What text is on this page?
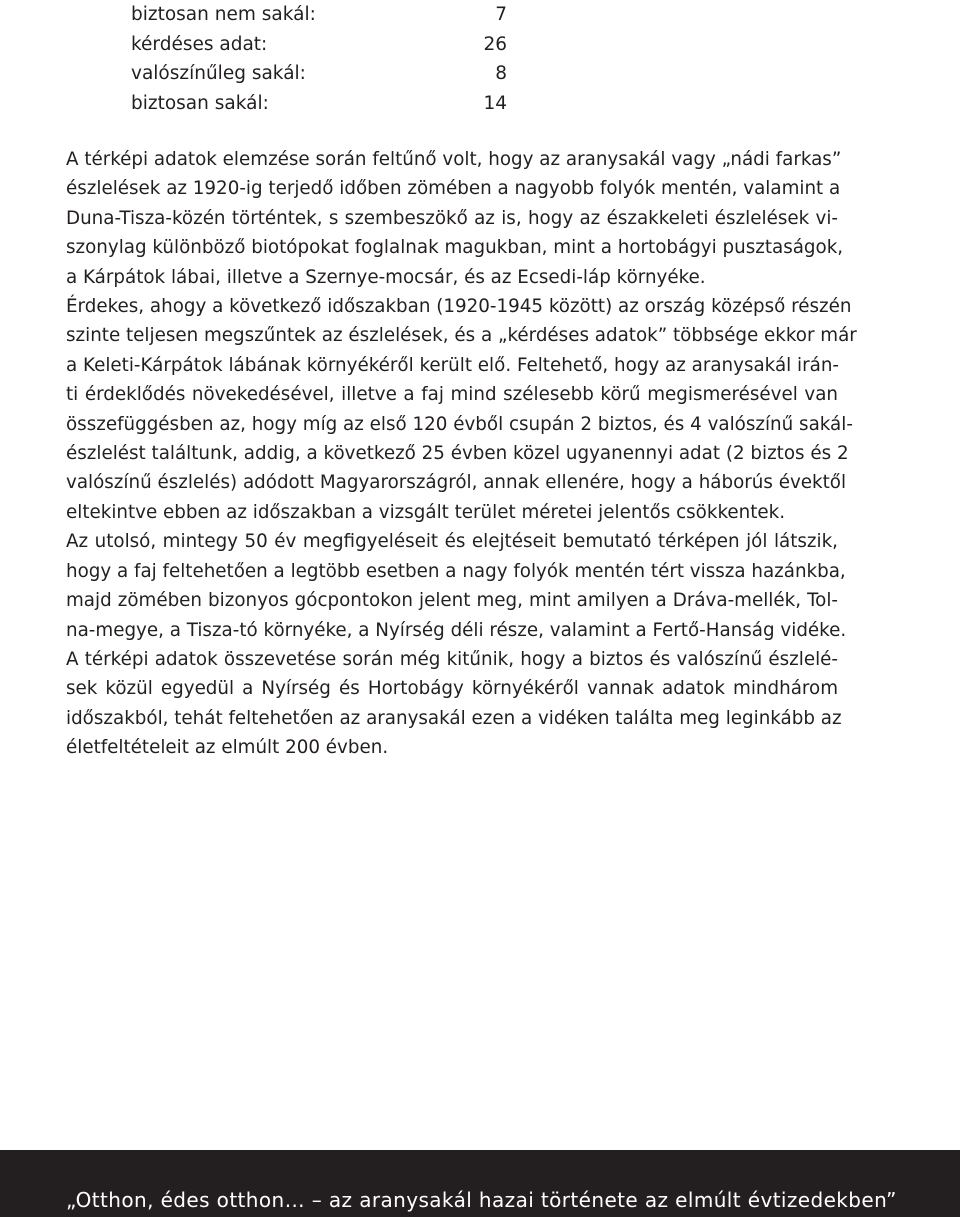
biztosan nem sakál:	7
kérdéses adat:	26
valószínűleg sakál:	8
biztosan sakál:	14

A térképi adatok elemzése során feltűnő volt, hogy az aranysakál vagy „nádi farkas”
észlelések az 1920-ig terjedő időben zömében a nagyobb folyók mentén, valamint a
Duna-Tisza-közén történtek, s szembeszökő az is, hogy az északkeleti észlelések vi-
szonylag különböző biotópokat foglalnak magukban, mint a hortobágyi pusztaságok,
a Kárpátok lábai, illetve a Szernye-mocsár, és az Ecsedi-láp környéke.

Érdekes, ahogy a következő időszakban (1920-1945 között) az ország középső részén
szinte teljesen megszűntek az észlelések, és a „kérdéses adatok” többsége ekkor már
a Keleti-Kárpátok lábának környékéről került elő. Feltehető, hogy az aranysakál irán-
ti érdeklődés növekedésével, illetve a faj mind szélesebb körű megismerésével van
összefüggésben az, hogy míg az első 120 évből csupán 2 biztos, és 4 valószínű sakál-
észlelést találtunk, addig, a következő 25 évben közel ugyanennyi adat (2 biztos és 2
valószínű észlelés) adódott Magyarországról, annak ellenére, hogy a háborús évektől
eltekintve ebben az időszakban a vizsgált terület méretei jelentős csökkentek.

Az utolsó, mintegy 50 év megfigyeléseit és elejtéseit bemutató térképen jól látszik,
hogy a faj feltehetően a legtöbb esetben a nagy folyók mentén tért vissza hazánkba,
majd zömében bizonyos gócpontokon jelent meg, mint amilyen a Dráva-mellék, Tol-
na-megye, a Tisza-tó környéke, a Nyírség déli része, valamint a Fertő-Hanság vidéke.

A térképi adatok összevetése során még kitűnik, hogy a biztos és valószínű észlelé-
sek közül egyedül a Nyírség és Hortobágy környékéről vannak adatok mindhárom
időszakból, tehát feltehetően az aranysakál ezen a vidéken találta meg leginkább az
életfeltételeit az elmúlt 200 évben.

„Otthon, édes otthon… – az aranysakál hazai története az elmúlt évtizedekben”
